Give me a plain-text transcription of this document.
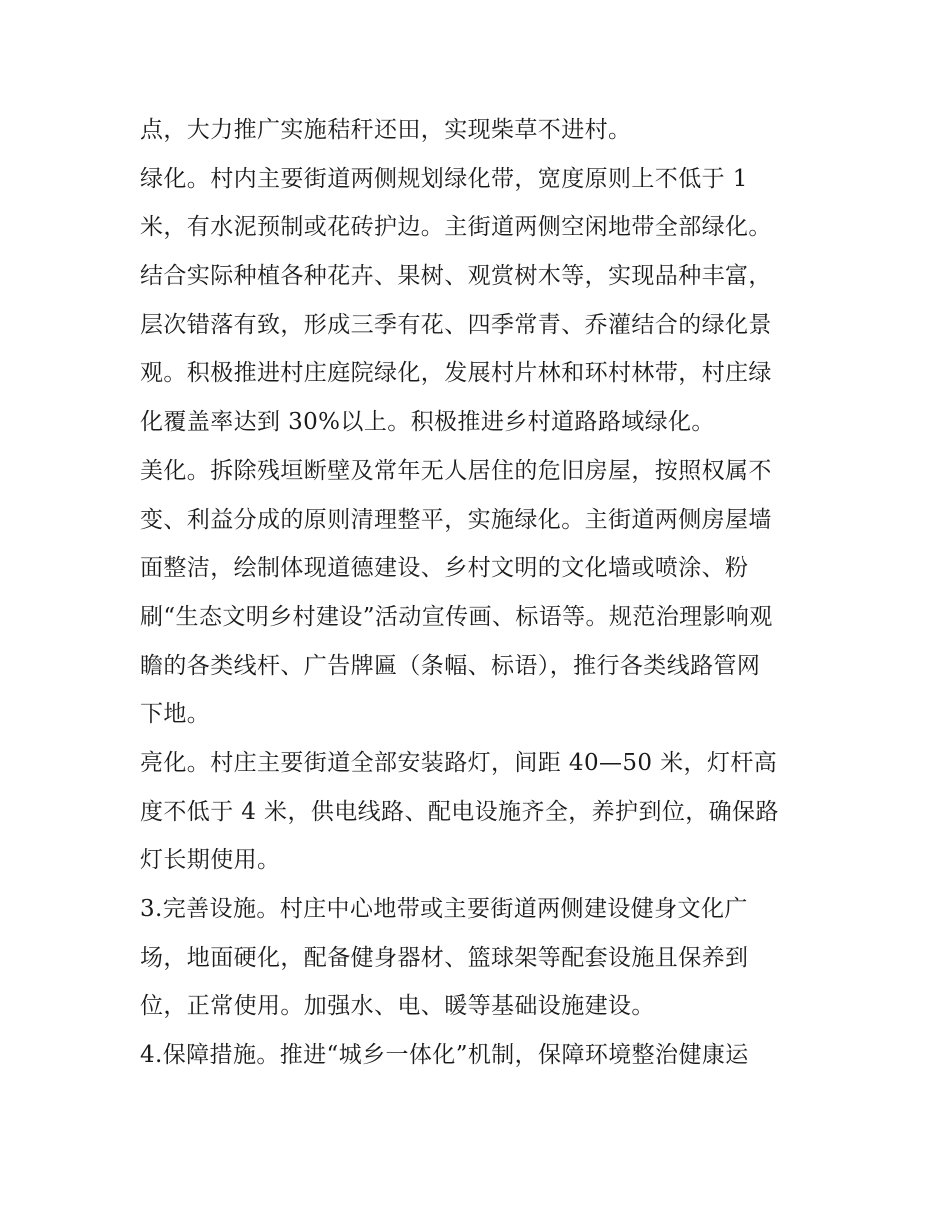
点，大力推广实施秸秆还田，实现柴草不进村。
绿化。村内主要街道两侧规划绿化带，宽度原则上不低于 1
米，有水泥预制或花砖护边。主街道两侧空闲地带全部绿化。
结合实际种植各种花卉、果树、观赏树木等，实现品种丰富，
层次错落有致，形成三季有花、四季常青、乔灌结合的绿化景
观。积极推进村庄庭院绿化，发展村片林和环村林带，村庄绿
化覆盖率达到 30%以上。积极推进乡村道路路域绿化。
美化。拆除残垣断壁及常年无人居住的危旧房屋，按照权属不
变、利益分成的原则清理整平，实施绿化。主街道两侧房屋墙
面整洁，绘制体现道德建设、乡村文明的文化墙或喷涂、粉
刷“生态文明乡村建设”活动宣传画、标语等。规范治理影响观
瞻的各类线杆、广告牌匾（条幅、标语），推行各类线路管网
下地。
亮化。村庄主要街道全部安装路灯，间距 40—50 米，灯杆高
度不低于 4 米，供电线路、配电设施齐全，养护到位，确保路
灯长期使用。
3.完善设施。村庄中心地带或主要街道两侧建设健身文化广
场，地面硬化，配备健身器材、篮球架等配套设施且保养到
位，正常使用。加强水、电、暖等基础设施建设。
4.保障措施。推进“城乡一体化”机制，保障环境整治健康运
